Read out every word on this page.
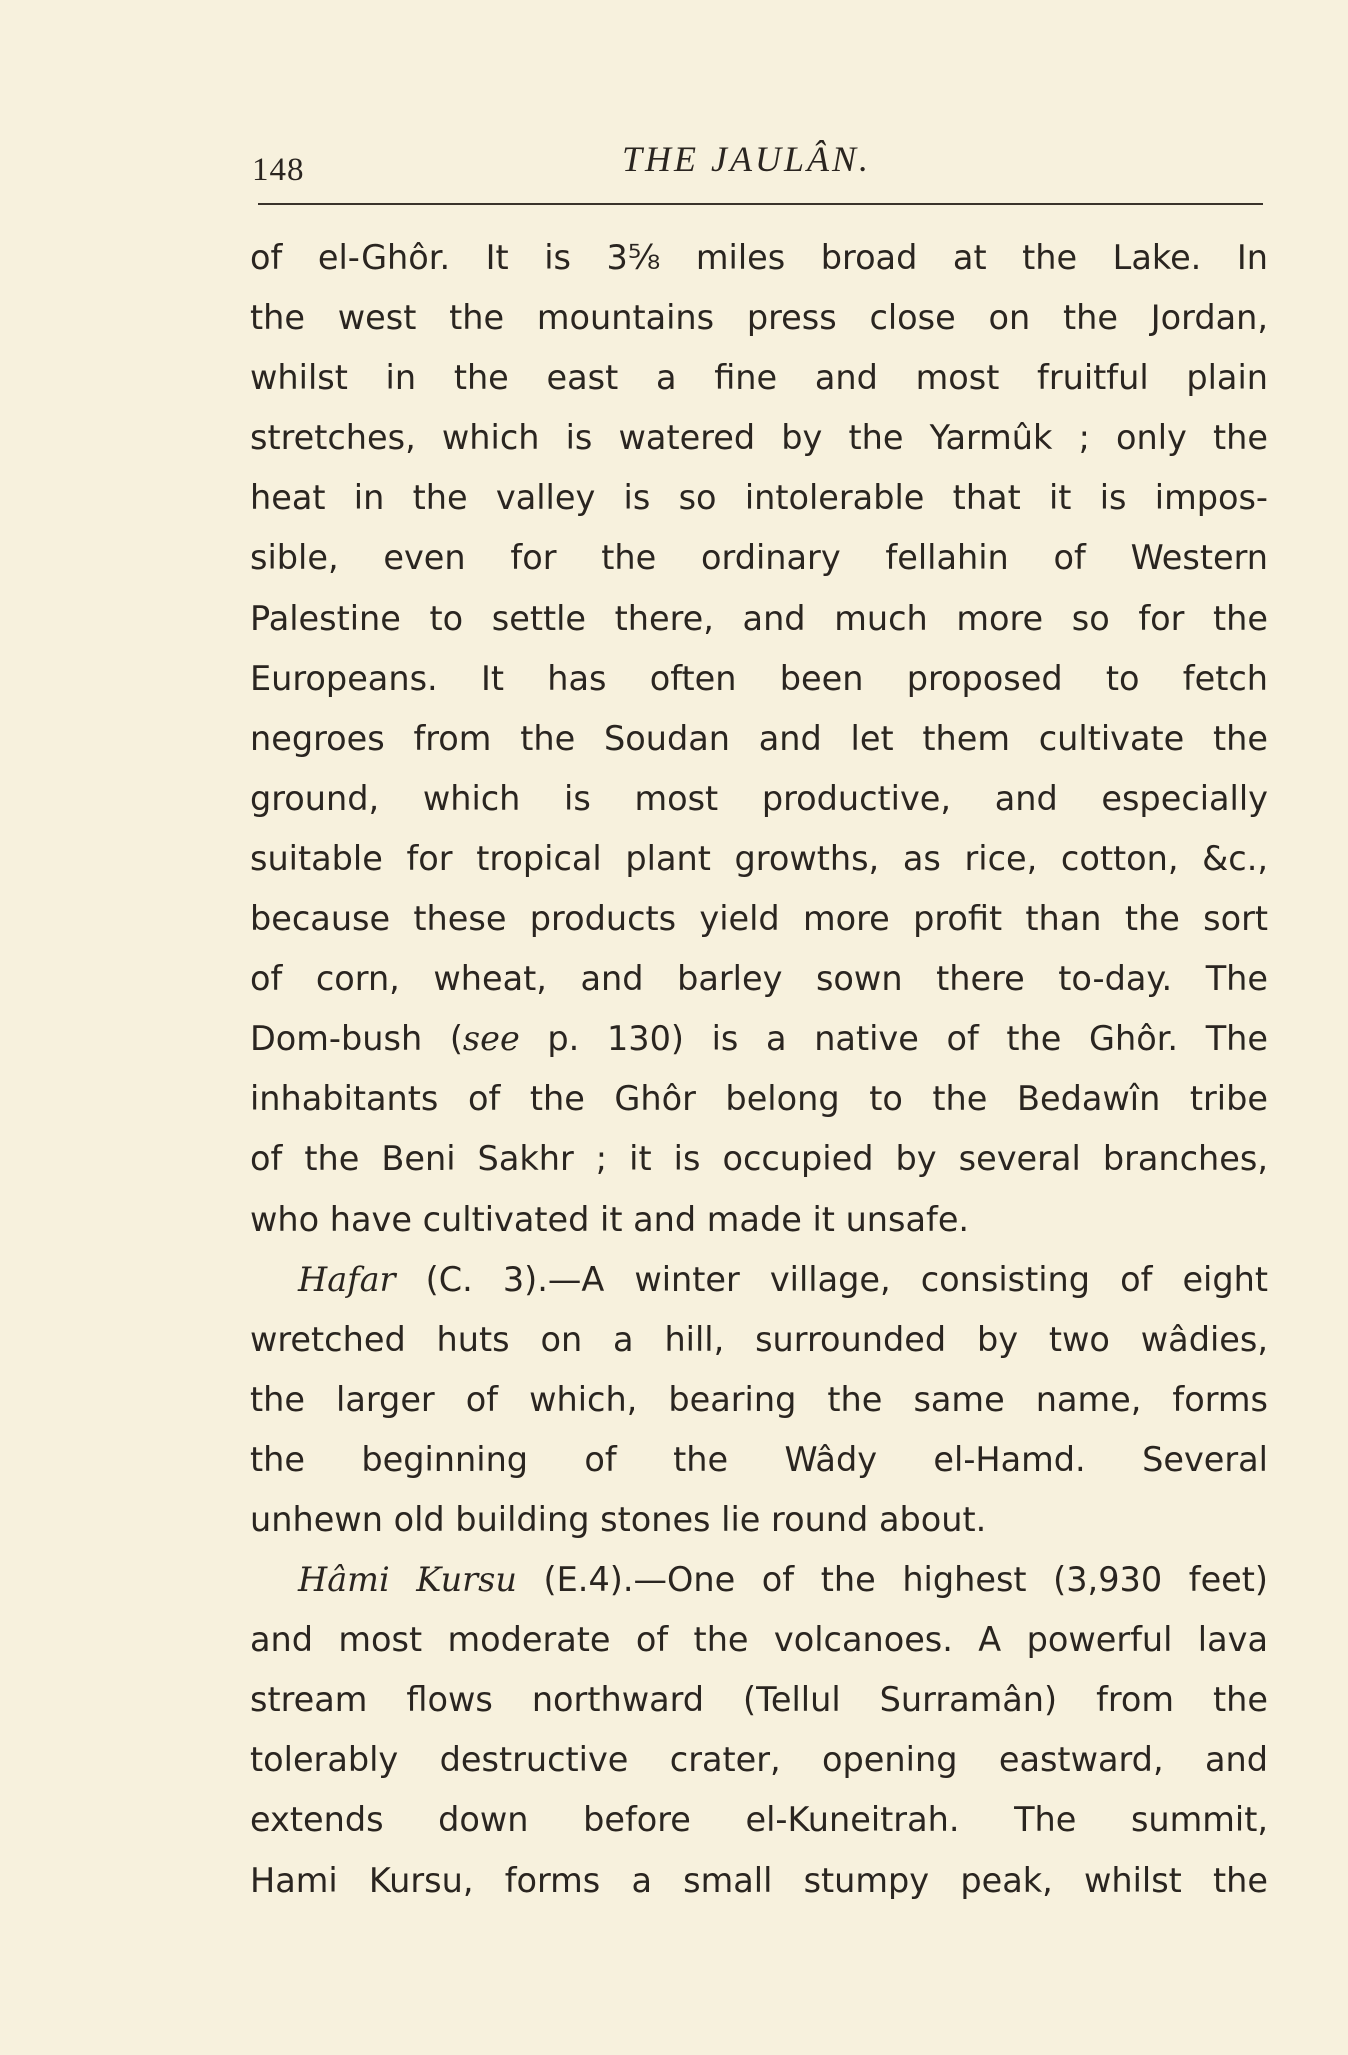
148	THE JAULÂN.
of el-Ghôr. It is 3⅝ miles broad at the Lake. In
the west the mountains press close on the Jordan,
whilst in the east a fine and most fruitful plain
stretches, which is watered by the Yarmûk ; only the
heat in the valley is so intolerable that it is impos-
sible, even for the ordinary fellahin of Western
Palestine to settle there, and much more so for the
Europeans. It has often been proposed to fetch
negroes from the Soudan and let them cultivate the
ground, which is most productive, and especially
suitable for tropical plant growths, as rice, cotton, &c.,
because these products yield more profit than the sort
of corn, wheat, and barley sown there to-day. The
Dom-bush (see p. 130) is a native of the Ghôr. The
inhabitants of the Ghôr belong to the Bedawîn tribe
of the Beni Sakhr ; it is occupied by several branches,
who have cultivated it and made it unsafe.
Hafar (C. 3).—A winter village, consisting of eight
wretched huts on a hill, surrounded by two wâdies,
the larger of which, bearing the same name, forms
the beginning of the Wâdy el-Hamd. Several
unhewn old building stones lie round about.
Hâmi Kursu (E.4).—One of the highest (3,930 feet)
and most moderate of the volcanoes. A powerful lava
stream flows northward (Tellul Surramân) from the
tolerably destructive crater, opening eastward, and
extends down before el-Kuneitrah. The summit,
Hami Kursu, forms a small stumpy peak, whilst the
